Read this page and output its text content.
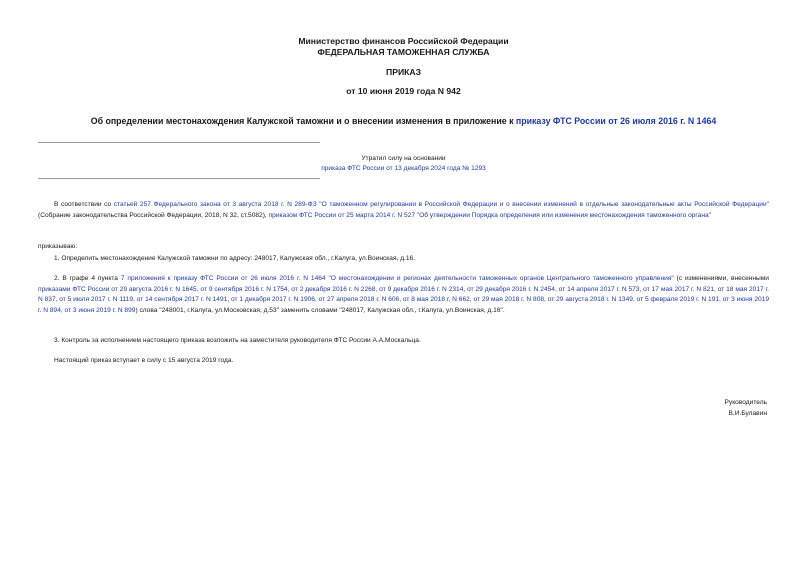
Министерство финансов Российской Федерации
ФЕДЕРАЛЬНАЯ ТАМОЖЕННАЯ СЛУЖБА
ПРИКАЗ
от 10 июня 2019 года N 942
Об определении местонахождения Калужской таможни и о внесении изменения в приложение к приказу ФТС России от 26 июля 2016 г. N 1464
Утратил силу на основании
приказа ФТС России от 13 декабря 2024 года № 1293
В соответствии со статьей 257 Федерального закона от 3 августа 2018 г. N 289-ФЗ "О таможенном регулировании в Российской Федерации и о внесении изменений в отдельные законодательные акты Российской Федерации" (Собрание законодательства Российской Федерации, 2018, N 32, ст.5082), приказом ФТС России от 25 марта 2014 г. N 527 "Об утверждении Порядка определения или изменения местонахождения таможенного органа"
приказываю:
1. Определить местонахождение Калужской таможни по адресу: 248017, Калужская обл., г.Калуга, ул.Воинская, д.16.
2. В графе 4 пункта 7 приложения к приказу ФТС России от 26 июля 2016 г. N 1464 "О местонахождении и регионах деятельности таможенных органов Центрального таможенного управления" (с изменениями, внесенными приказами ФТС России от 29 августа 2016 г. N 1645, от 9 сентября 2016 г. N 1754, от 2 декабря 2016 г. N 2268, от 9 декабря 2016 г. N 2314, от 29 декабря 2016 г. N 2454, от 14 апреля 2017 г. N 573, от 17 мая 2017 г. N 821, от 18 мая 2017 г. N 837, от 5 июля 2017 г. N 1119, от 14 сентября 2017 г. N 1491, от 1 декабря 2017 г. N 1906, от 27 апреля 2018 г. N 606, от 8 мая 2018 г. N 662, от 29 мая 2018 г. N 808, от 29 августа 2018 г. N 1349, от 5 февраля 2019 г. N 191, от 3 июня 2019 г. N 894, от 3 июня 2019 г. N 899) слова "248001, г.Калуга, ул.Московская, д.53" заменить словами "248017, Калужская обл., г.Калуга, ул.Воинская, д.16".
3. Контроль за исполнением настоящего приказа возложить на заместителя руководителя ФТС России А.А.Москальца.
Настоящий приказ вступает в силу с 15 августа 2019 года.
Руководитель
В.И.Булавин
